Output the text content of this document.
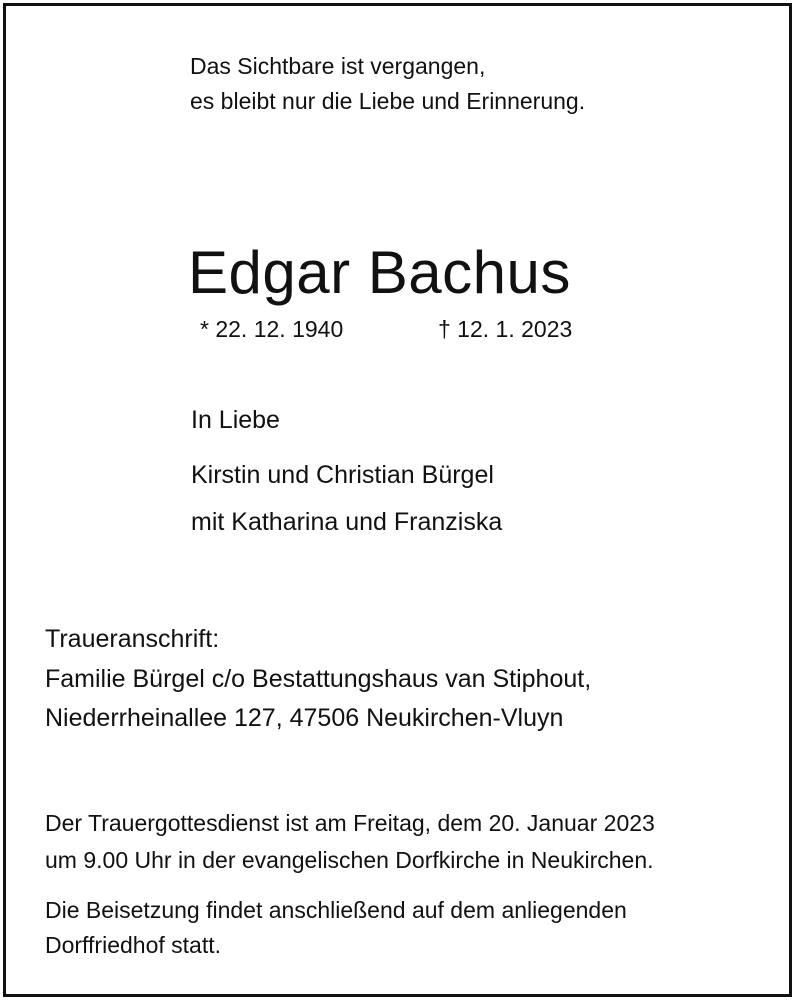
Das Sichtbare ist vergangen,
es bleibt nur die Liebe und Erinnerung.
Edgar Bachus
* 22. 12. 1940	† 12. 1. 2023
In Liebe
Kirstin und Christian Bürgel
mit Katharina und Franziska
Traueranschrift:
Familie Bürgel c/o Bestattungshaus van Stiphout,
Niederrheinallee 127, 47506 Neukirchen-Vluyn
Der Trauergottesdienst ist am Freitag, dem 20. Januar 2023
um 9.00 Uhr in der evangelischen Dorfkirche in Neukirchen.
Die Beisetzung findet anschließend auf dem anliegenden
Dorffriedhof statt.
